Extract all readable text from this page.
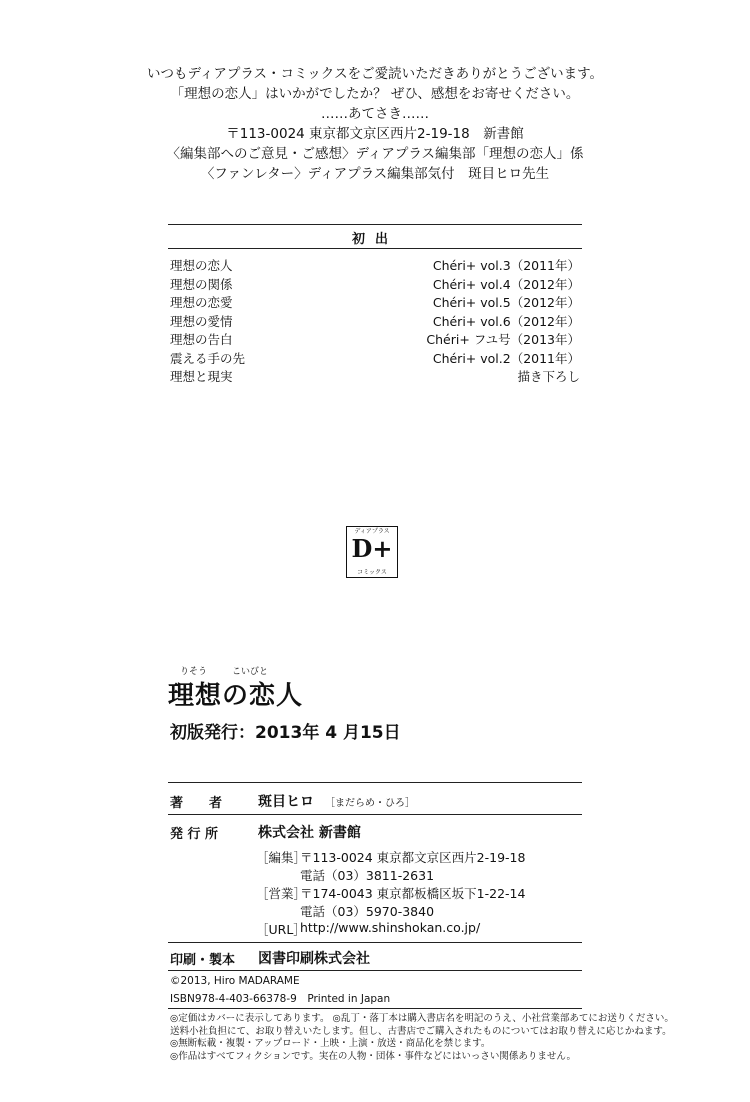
いつもディアプラス・コミックスをご愛読いただきありがとうございます。
「理想の恋人」はいかがでしたか？ ぜひ、感想をお寄せください。
……あてさき……
〒113-0024 東京都文京区西片2-19-18　新書館
〈編集部へのご意見・ご感想〉ディアプラス編集部「理想の恋人」係
〈ファンレター〉ディアプラス編集部気付　斑目ヒロ先生
初出
理想の恋人	Chéri+ vol.3（2011年）
理想の関係	Chéri+ vol.4（2012年）
理想の恋愛	Chéri+ vol.5（2012年）
理想の愛情	Chéri+ vol.6（2012年）
理想の告白	Chéri+ フユ号（2013年）
震える手の先	Chéri+ vol.2（2011年）
理想と現実	描き下ろし
ディアプラス
D+
コミックス
りそう	こいびと
理想の恋人
初版発行：2013年 4 月15日
著　　者	斑目ヒロ ［まだらめ・ひろ］
発 行 所	株式会社 新書館
［編集］
〒113-0024 東京都文京区西片2-19-18
電話（03）3811-2631
［営業］
〒174-0043 東京都板橋区坂下1-22-14
電話（03）5970-3840
［URL］
http://www.shinshokan.co.jp/
印刷・製本 図書印刷株式会社
©2013, Hiro MADARAME
ISBN978-4-403-66378-9　Printed in Japan
◎定価はカバーに表示してあります。 ◎乱丁・落丁本は購入書店名を明記のうえ、小社営業部あてにお送りください。
送料小社負担にて、お取り替えいたします。但し、古書店でご購入されたものについてはお取り替えに応じかねます。
◎無断転載・複製・アップロード・上映・上演・放送・商品化を禁じます。
◎作品はすべてフィクションです。実在の人物・団体・事件などにはいっさい関係ありません。
